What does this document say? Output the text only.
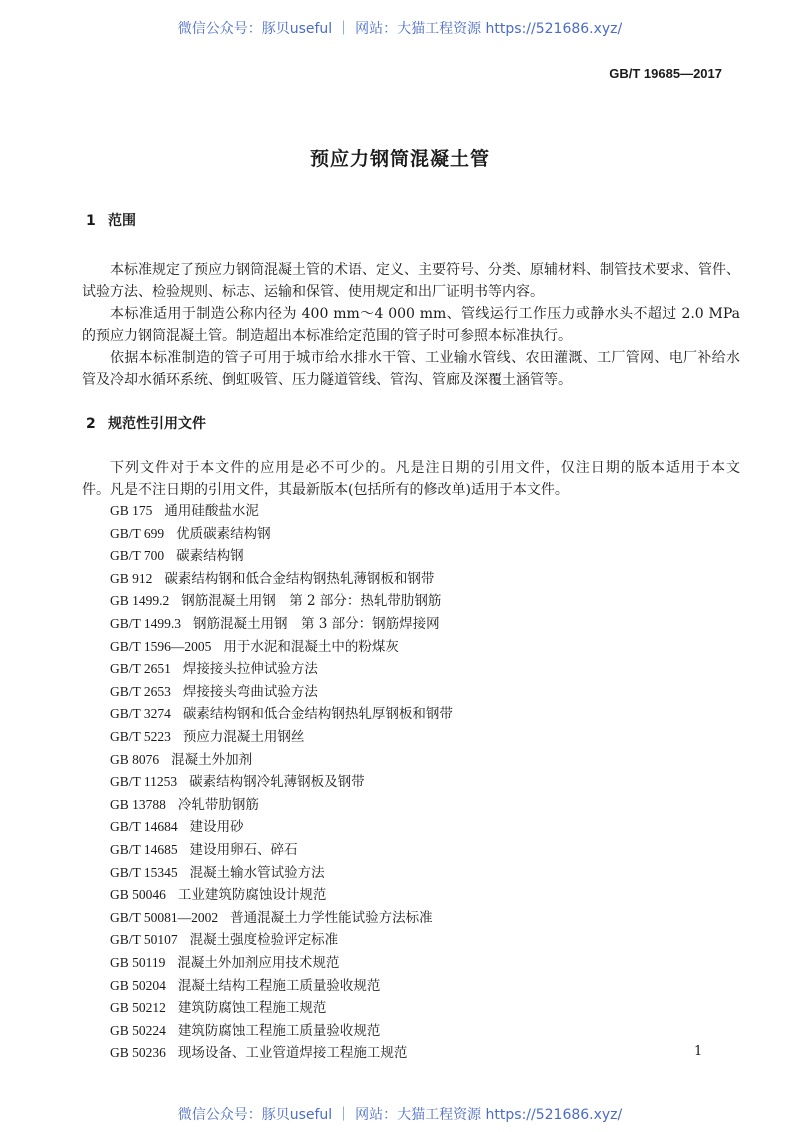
微信公众号：豚贝useful ｜ 网站：大猫工程资源 https://521686.xyz/
GB/T 19685—2017
预应力钢筒混凝土管
1 范围
本标准规定了预应力钢筒混凝土管的术语、定义、主要符号、分类、原辅材料、制管技术要求、管件、
试验方法、检验规则、标志、运输和保管、使用规定和出厂证明书等内容。
本标准适用于制造公称内径为 400 mm～4 000 mm、管线运行工作压力或静水头不超过 2.0 MPa
的预应力钢筒混凝土管。制造超出本标准给定范围的管子时可参照本标准执行。
依据本标准制造的管子可用于城市给水排水干管、工业输水管线、农田灌溉、工厂管网、电厂补给水
管及冷却水循环系统、倒虹吸管、压力隧道管线、管沟、管廊及深覆土涵管等。
2 规范性引用文件
下列文件对于本文件的应用是必不可少的。凡是注日期的引用文件，仅注日期的版本适用于本文
件。凡是不注日期的引用文件，其最新版本(包括所有的修改单)适用于本文件。
GB 175 通用硅酸盐水泥
GB/T 699 优质碳素结构钢
GB/T 700 碳素结构钢
GB 912 碳素结构钢和低合金结构钢热轧薄钢板和钢带
GB 1499.2 钢筋混凝土用钢　第 2 部分：热轧带肋钢筋
GB/T 1499.3 钢筋混凝土用钢　第 3 部分：钢筋焊接网
GB/T 1596—2005 用于水泥和混凝土中的粉煤灰
GB/T 2651 焊接接头拉伸试验方法
GB/T 2653 焊接接头弯曲试验方法
GB/T 3274 碳素结构钢和低合金结构钢热轧厚钢板和钢带
GB/T 5223 预应力混凝土用钢丝
GB 8076 混凝土外加剂
GB/T 11253 碳素结构钢冷轧薄钢板及钢带
GB 13788 冷轧带肋钢筋
GB/T 14684 建设用砂
GB/T 14685 建设用卵石、碎石
GB/T 15345 混凝土输水管试验方法
GB 50046 工业建筑防腐蚀设计规范
GB/T 50081—2002 普通混凝土力学性能试验方法标准
GB/T 50107 混凝土强度检验评定标准
GB 50119 混凝土外加剂应用技术规范
GB 50204 混凝土结构工程施工质量验收规范
GB 50212 建筑防腐蚀工程施工规范
GB 50224 建筑防腐蚀工程施工质量验收规范
GB 50236 现场设备、工业管道焊接工程施工规范	1
微信公众号：豚贝useful ｜ 网站：大猫工程资源 https://521686.xyz/
